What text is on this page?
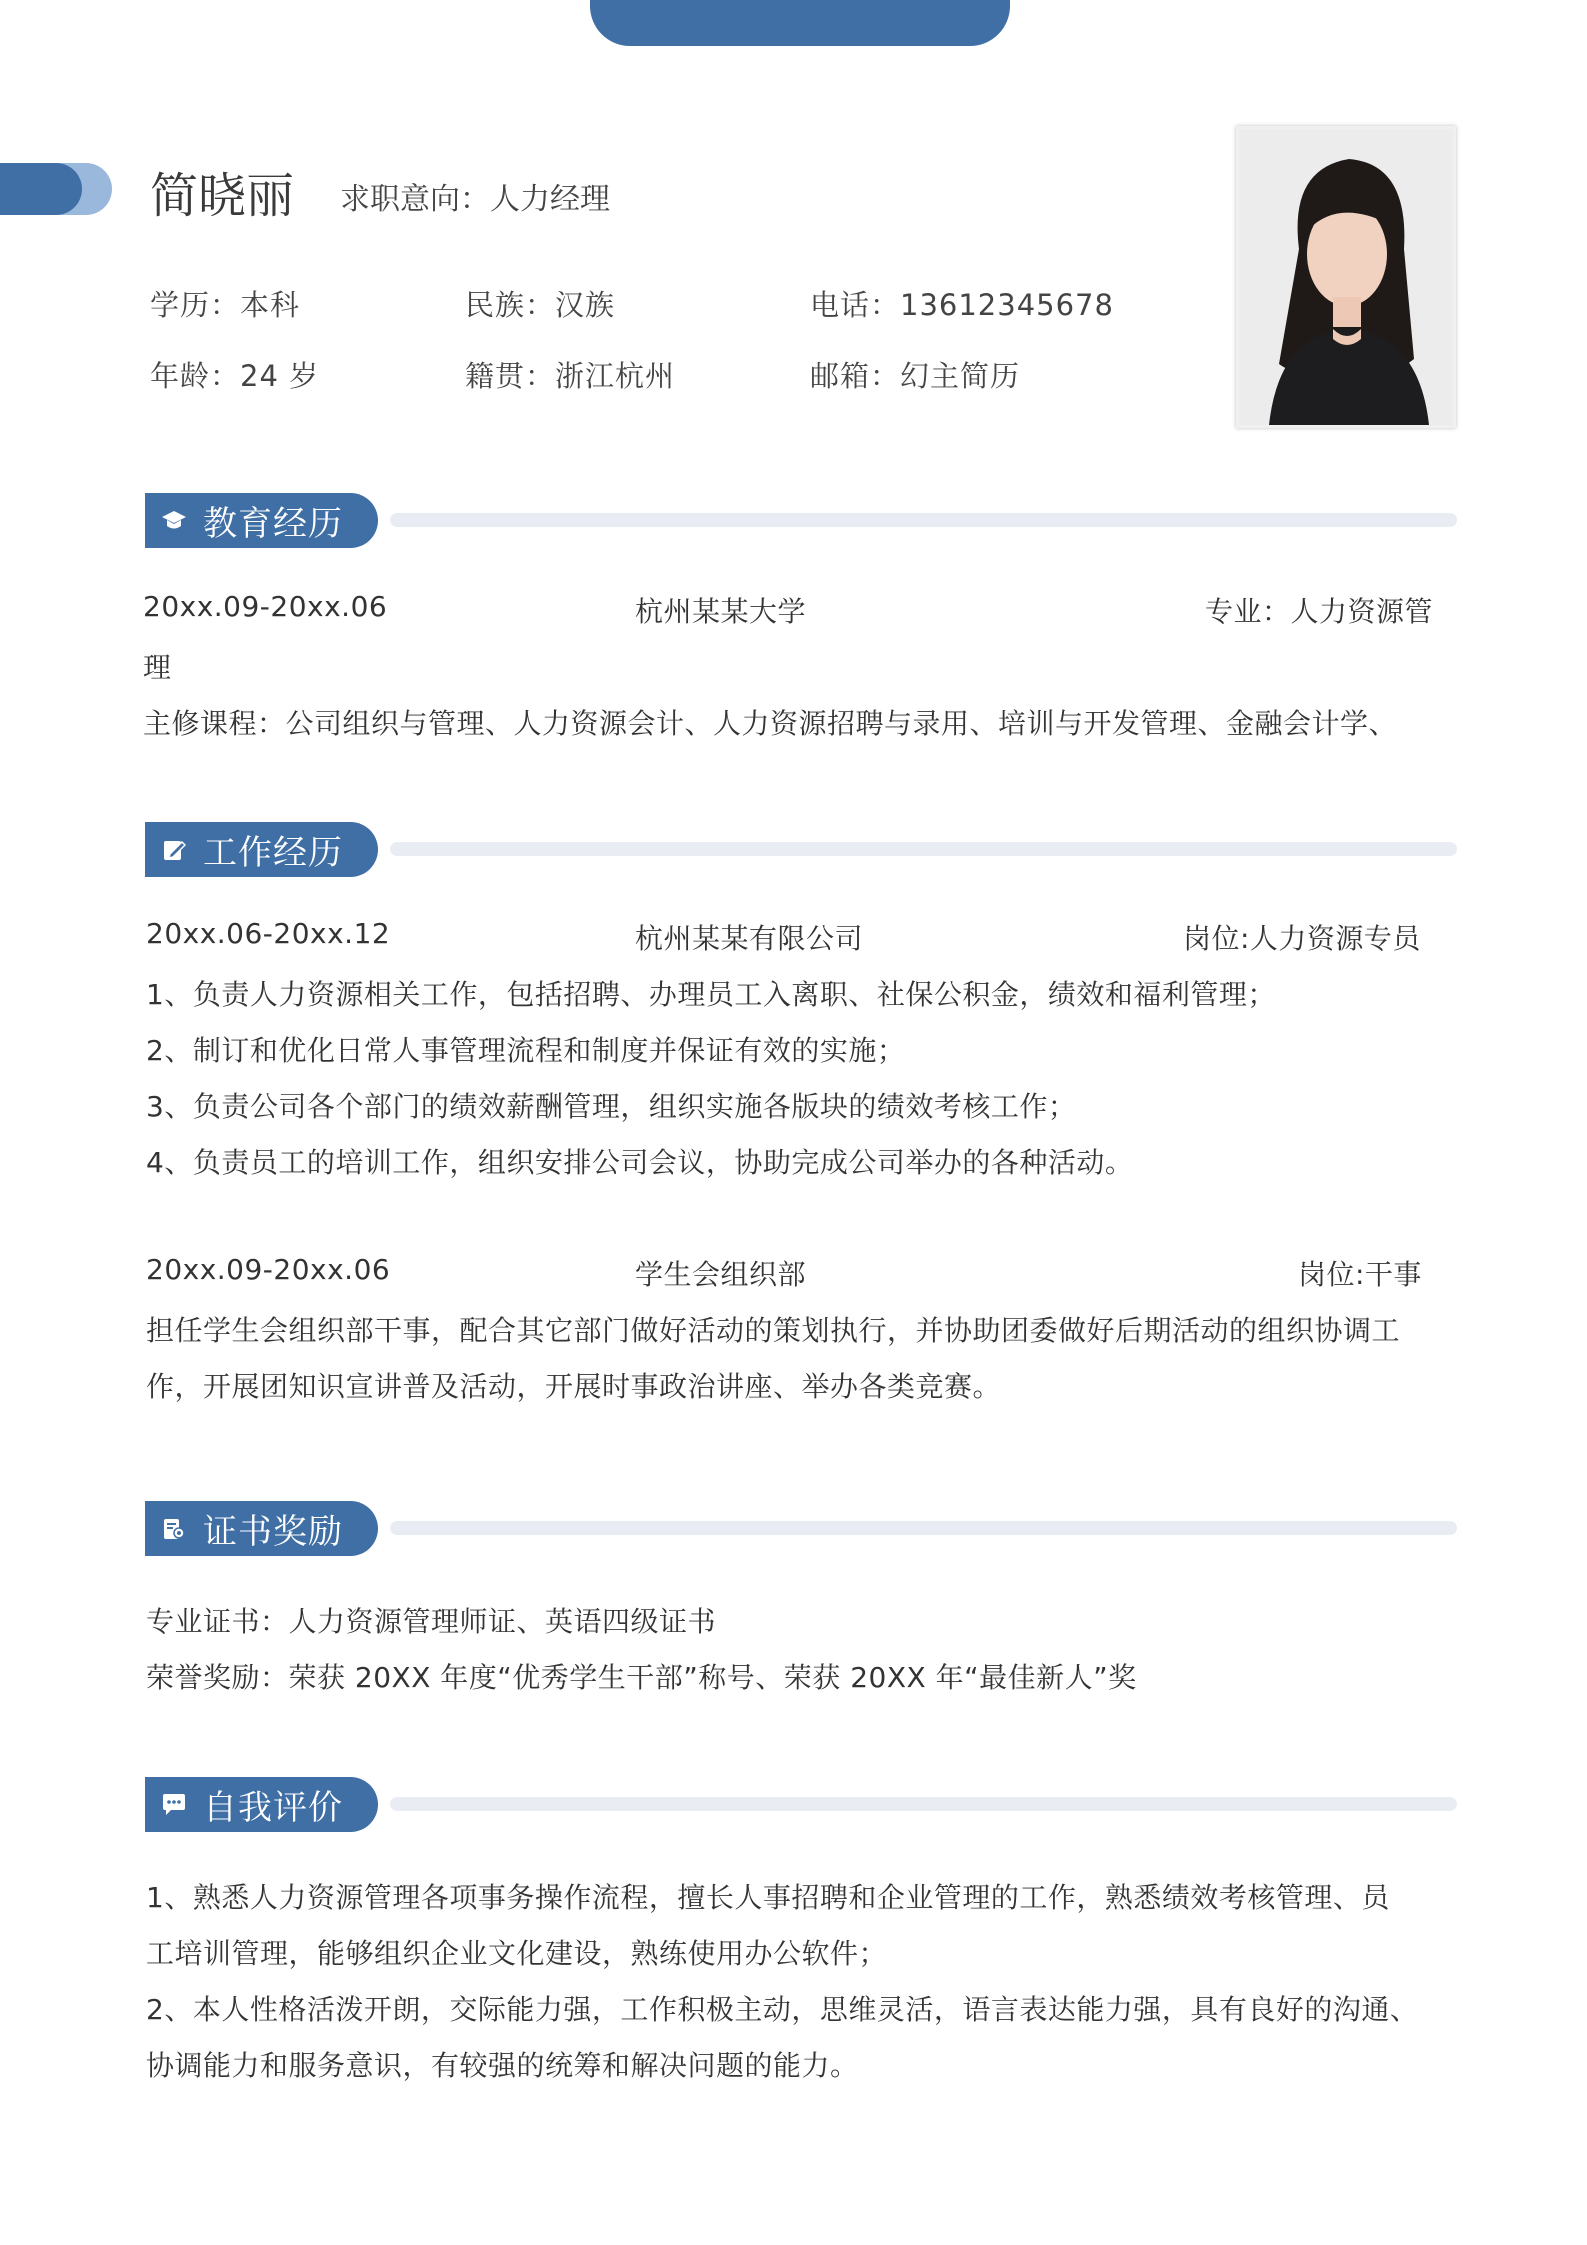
简晓丽 求职意向：人力经理
学历：本科	民族：汉族	电话：13612345678
年龄：24 岁	籍贯：浙江杭州	邮箱：幻主简历
教育经历
20xx.09-20xx.06	杭州某某大学	专业：人力资源管
理
主修课程：公司组织与管理、人力资源会计、人力资源招聘与录用、培训与开发管理、金融会计学、
工作经历
20xx.06-20xx.12	杭州某某有限公司	岗位:人力资源专员
1、负责人力资源相关工作，包括招聘、办理员工入离职、社保公积金，绩效和福利管理；
2、制订和优化日常人事管理流程和制度并保证有效的实施；
3、负责公司各个部门的绩效薪酬管理，组织实施各版块的绩效考核工作；
4、负责员工的培训工作，组织安排公司会议，协助完成公司举办的各种活动。
20xx.09-20xx.06	学生会组织部	岗位:干事
担任学生会组织部干事，配合其它部门做好活动的策划执行，并协助团委做好后期活动的组织协调工
作，开展团知识宣讲普及活动，开展时事政治讲座、举办各类竞赛。
证书奖励
专业证书：人力资源管理师证、英语四级证书
荣誉奖励：荣获 20XX 年度“优秀学生干部”称号、荣获 20XX 年“最佳新人”奖
自我评价
1、熟悉人力资源管理各项事务操作流程，擅长人事招聘和企业管理的工作，熟悉绩效考核管理、员
工培训管理，能够组织企业文化建设，熟练使用办公软件；
2、本人性格活泼开朗，交际能力强，工作积极主动，思维灵活，语言表达能力强，具有良好的沟通、
协调能力和服务意识，有较强的统筹和解决问题的能力。
